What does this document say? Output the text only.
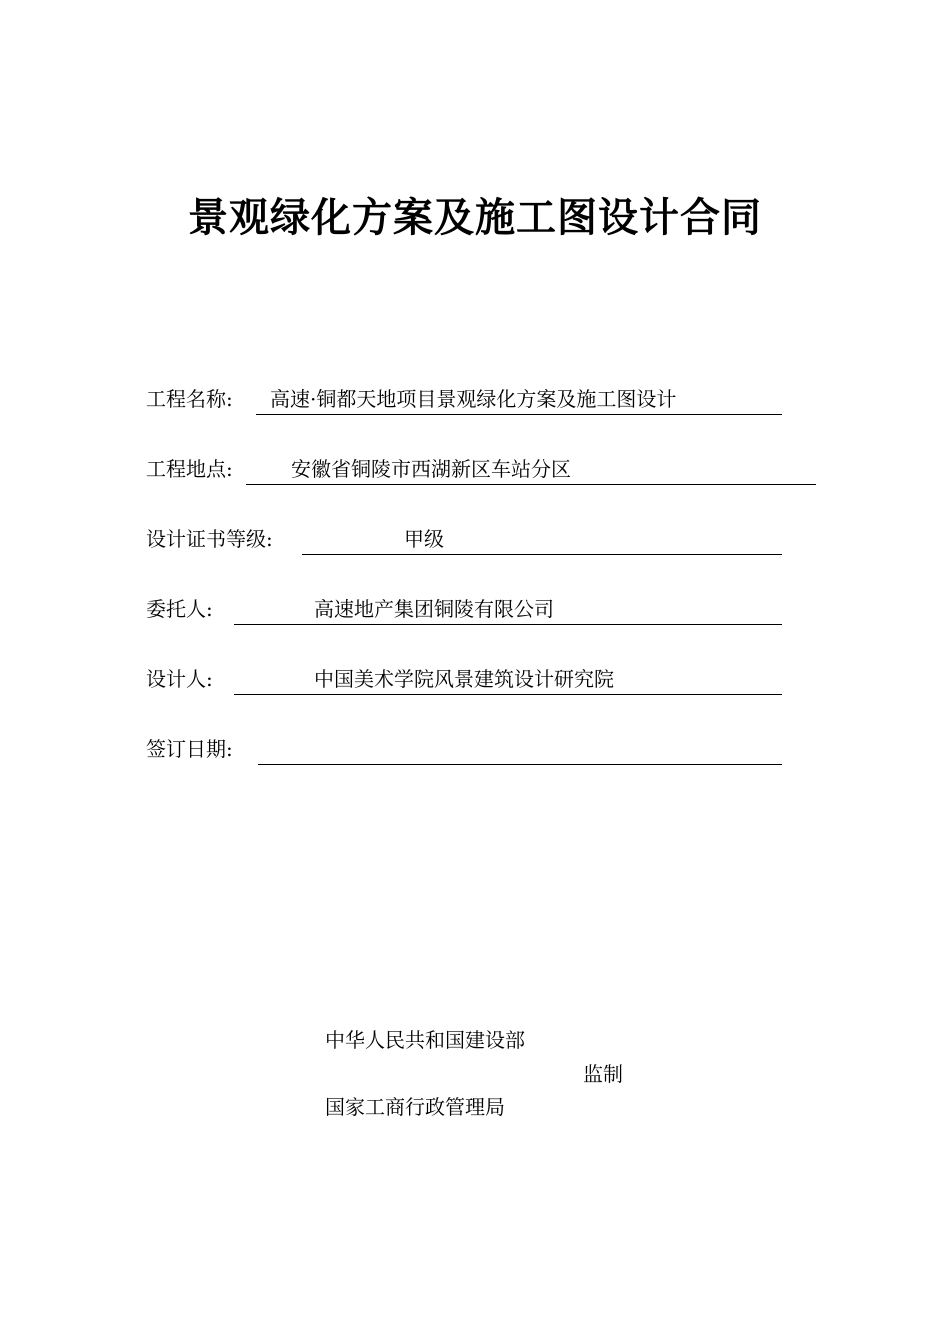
景观绿化方案及施工图设计合同
工程名称: 高速·铜都天地项目景观绿化方案及施工图设计
工程地点:	安徽省铜陵市西湖新区车站分区
设计证书等级:	甲级
委托人:	高速地产集团铜陵有限公司
设计人:	中国美术学院风景建筑设计研究院
签订日期:
中华人民共和国建设部
监制
国家工商行政管理局
